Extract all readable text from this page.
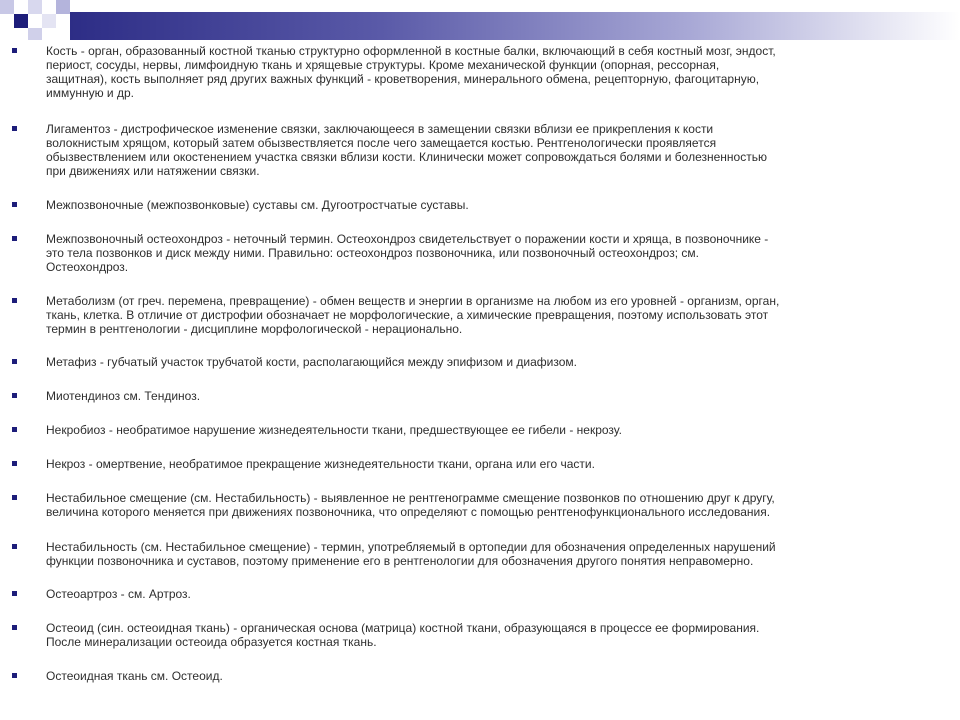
Кость - орган, образованный костной тканью структурно оформленной в костные балки, включающий в себя костный мозг, эндост,
периост, сосуды, нервы, лимфоидную ткань и хрящевые структуры. Кроме механической функции (опорная, рессорная,
защитная), кость выполняет ряд других важных функций - кроветворения, минерального обмена, рецепторную, фагоцитарную,
иммунную и др.
Лигаментоз - дистрофическое изменение связки, заключающееся в замещении связки вблизи ее прикрепления к кости
волокнистым хрящом, который затем обызвествляется после чего замещается костью. Рентгенологически проявляется
обызвествлением или окостенением участка связки вблизи кости. Клинически может сопровождаться болями и болезненностью
при движениях или натяжении связки.
Межпозвоночные (межпозвонковые) суставы см. Дугоотростчатые суставы.
Межпозвоночный остеохондроз - неточный термин. Остеохондроз свидетельствует о поражении кости и хряща, в позвоночнике -
это тела позвонков и диск между ними. Правильно: остеохондроз позвоночника, или позвоночный остеохондроз; см.
Остеохондроз.
Метаболизм (от греч. перемена, превращение) - обмен веществ и энергии в организме на любом из его уровней - организм, орган,
ткань, клетка. В отличие от дистрофии обозначает не морфологические, а химические превращения, поэтому использовать этот
термин в рентгенологии - дисциплине морфологической - нерационально.
Метафиз - губчатый участок трубчатой кости, располагающийся между эпифизом и диафизом.
Миотендиноз см. Тендиноз.
Некробиоз - необратимое нарушение жизнедеятельности ткани, предшествующее ее гибели - некрозу.
Некроз - омертвение, необратимое прекращение жизнедеятельности ткани, органа или его части.
Нестабильное смещение (см. Нестабильность) - выявленное не рентгенограмме смещение позвонков по отношению друг к другу,
величина которого меняется при движениях позвоночника, что определяют с помощью рентгенофункционального исследования.
Нестабильность (см. Нестабильное смещение) - термин, употребляемый в ортопедии для обозначения определенных нарушений
функции позвоночника и суставов, поэтому применение его в рентгенологии для обозначения другого понятия неправомерно.
Остеоартроз - см. Артроз.
Остеоид (син. остеоидная ткань) - органическая основа (матрица) костной ткани, образующаяся в процессе ее формирования.
После минерализации остеоида образуется костная ткань.
Остеоидная ткань см. Остеоид.
